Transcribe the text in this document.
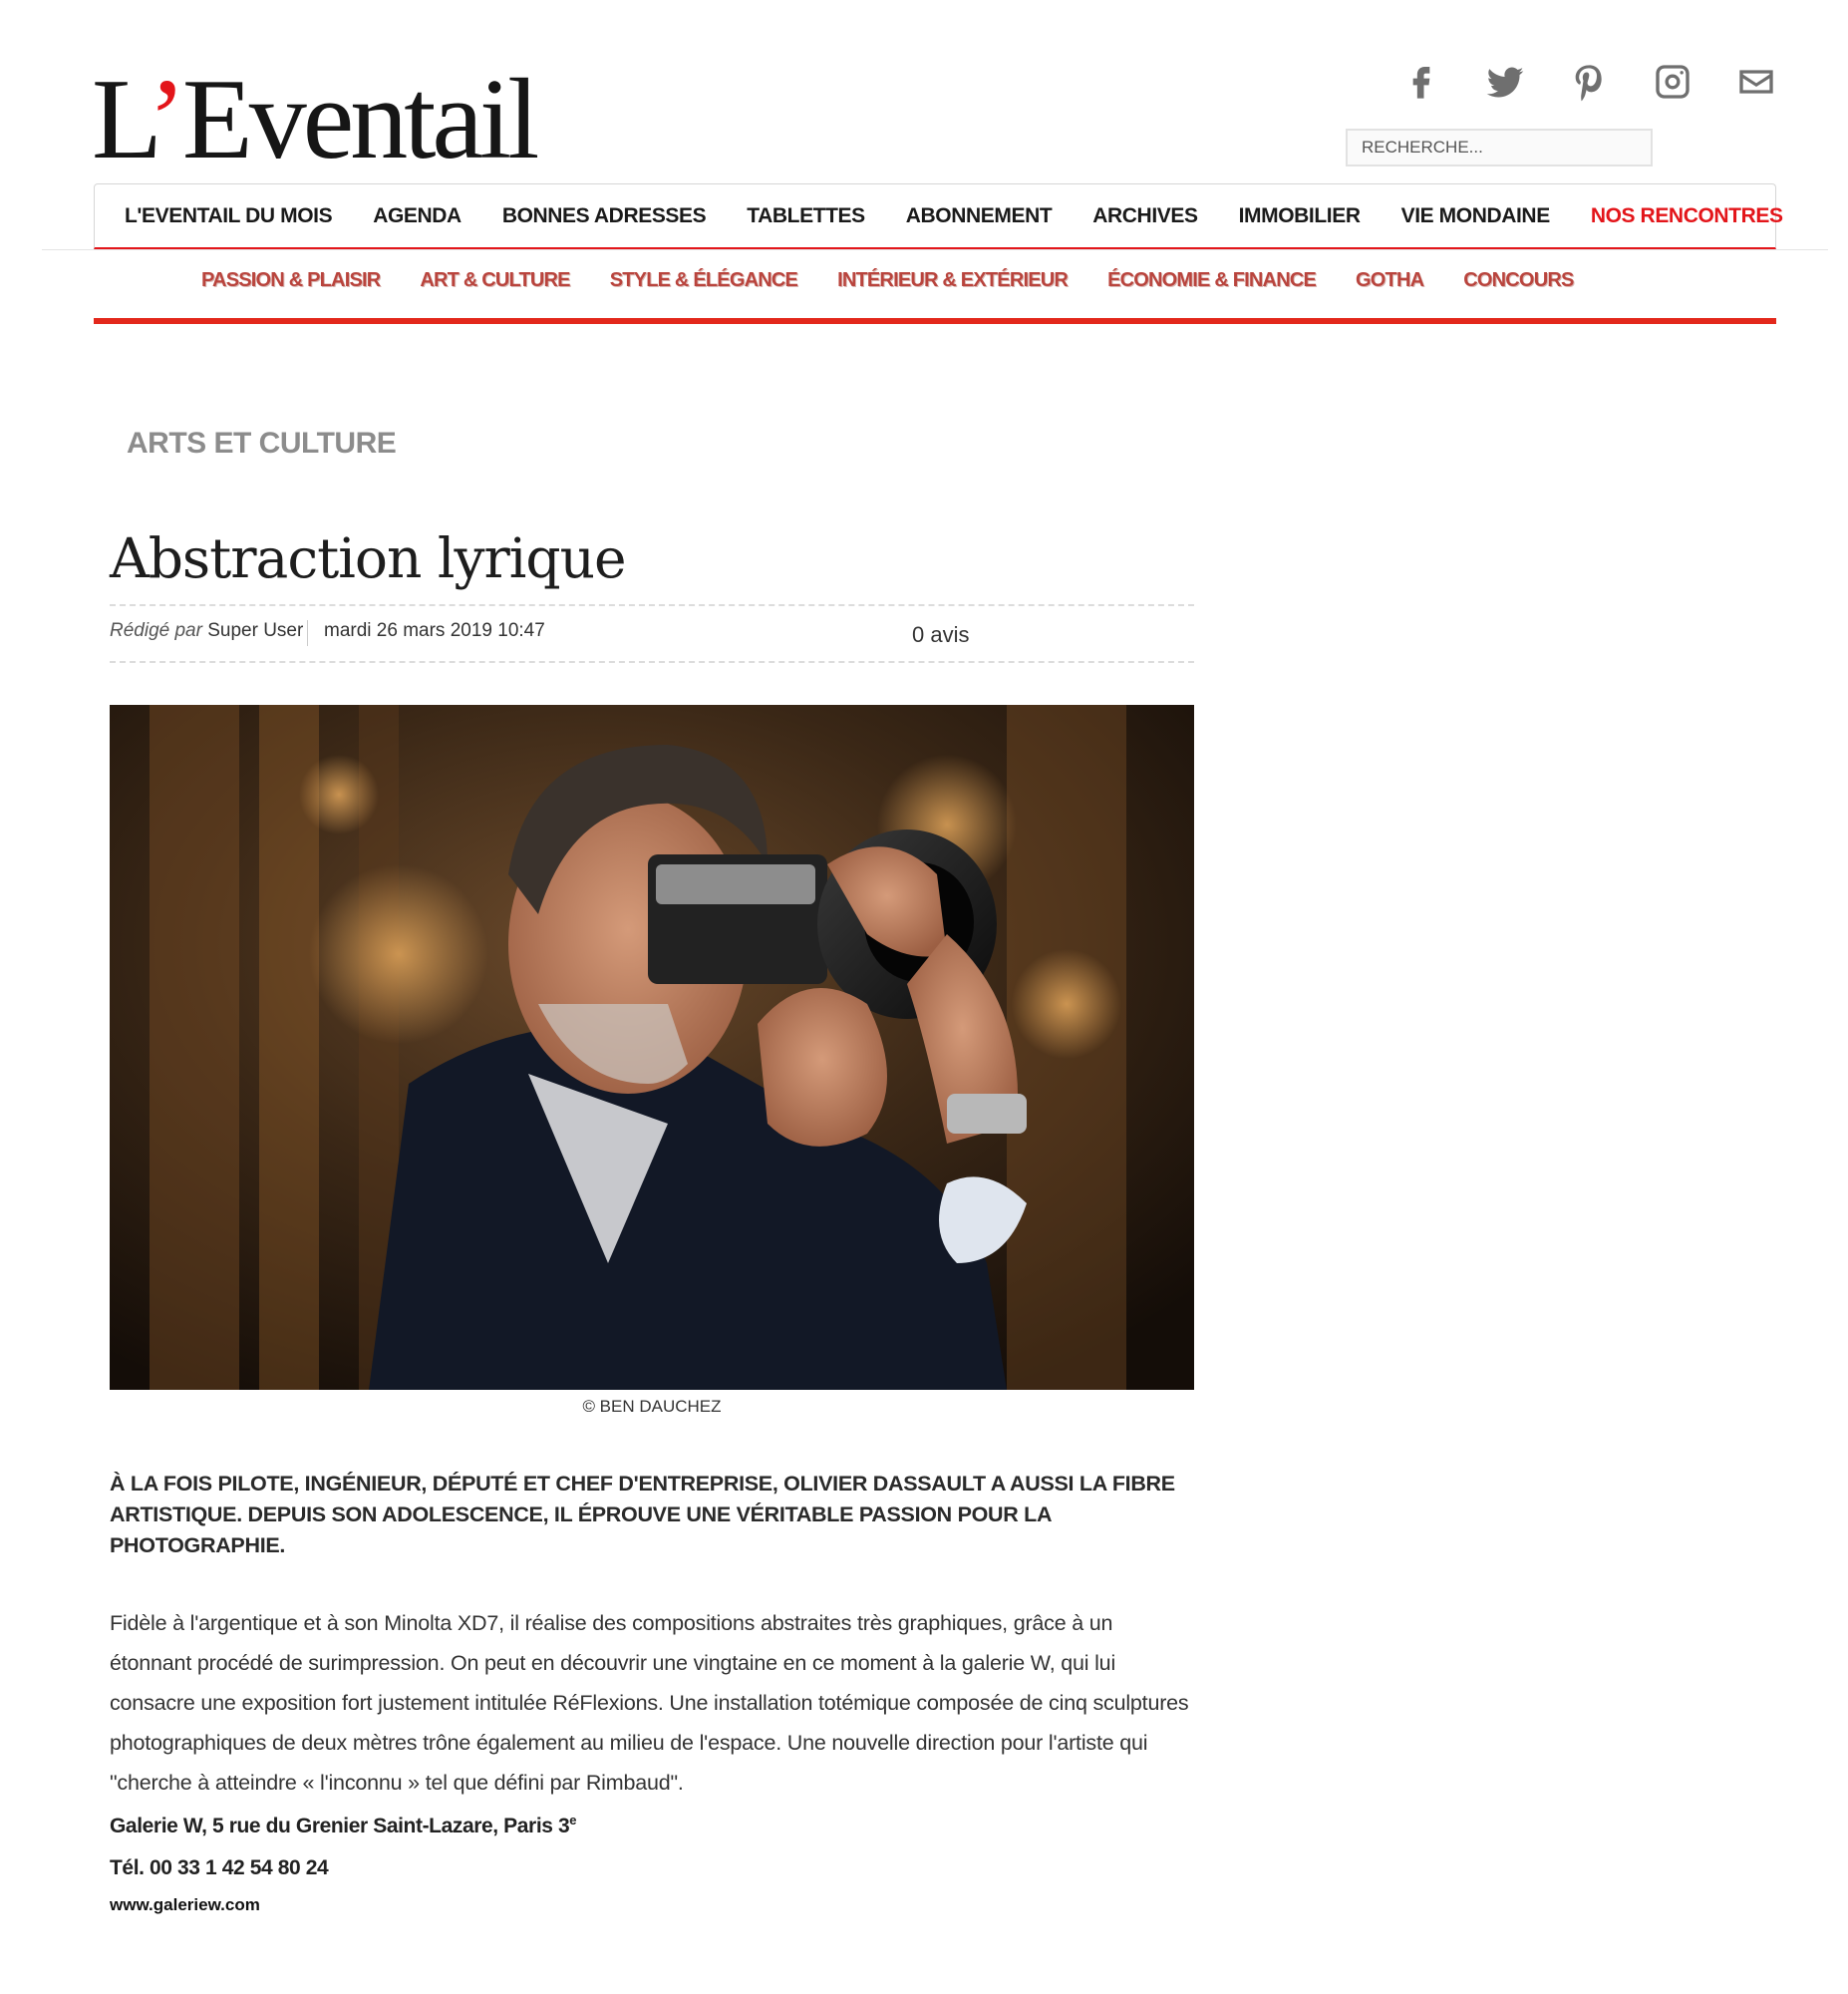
L’Eventail
RECHERCHE...
L'EVENTAIL DU MOIS AGENDA BONNES ADRESSES TABLETTES ABONNEMENT ARCHIVES IMMOBILIER VIE MONDAINE NOS RENCONTRES
PASSION & PLAISIR ART & CULTURE STYLE & ÉLÉGANCE INTÉRIEUR & EXTÉRIEUR ÉCONOMIE & FINANCE GOTHA CONCOURS
ARTS ET CULTURE
Abstraction lyrique
Rédigé par Super User mardi 26 mars 2019 10:47	0 avis
© BEN DAUCHEZ

À LA FOIS PILOTE, INGÉNIEUR, DÉPUTÉ ET CHEF D'ENTREPRISE, OLIVIER DASSAULT A AUSSI LA FIBRE ARTISTIQUE. DEPUIS SON ADOLESCENCE, IL ÉPROUVE UNE VÉRITABLE PASSION POUR LA PHOTOGRAPHIE.

Fidèle à l'argentique et à son Minolta XD7, il réalise des compositions abstraites très graphiques, grâce à un étonnant procédé de surimpression. On peut en découvrir une vingtaine en ce moment à la galerie W, qui lui consacre une exposition fort justement intitulée RéFlexions. Une installation totémique composée de cinq sculptures photographiques de deux mètres trône également au milieu de l'espace. Une nouvelle direction pour l'artiste qui "cherche à atteindre « l'inconnu » tel que défini par Rimbaud".

Galerie W, 5 rue du Grenier Saint-Lazare, Paris 3e
Tél. 00 33 1 42 54 80 24
www.galeriew.com
